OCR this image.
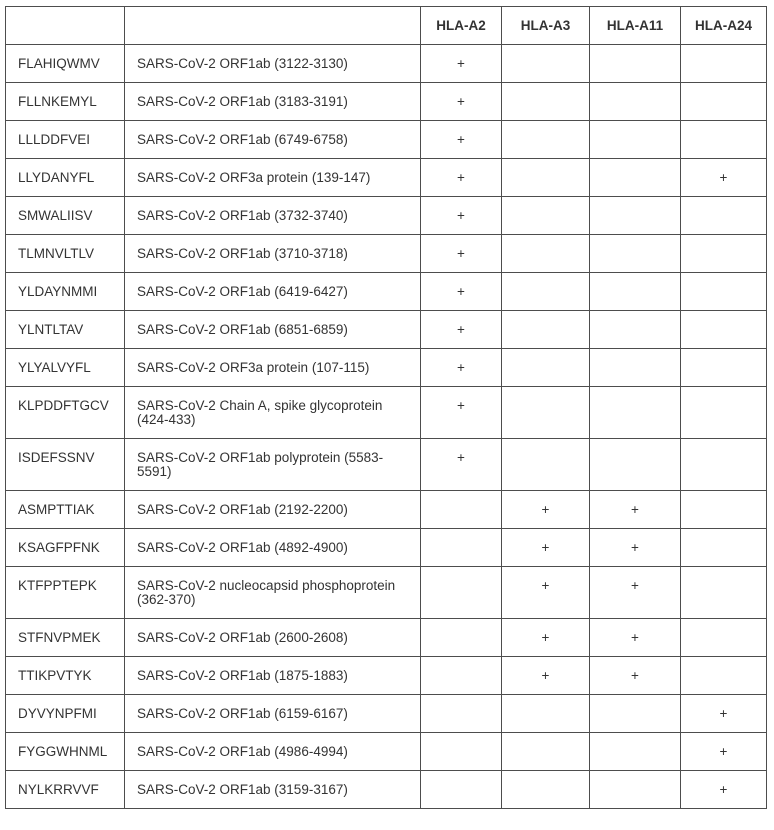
		HLA-A2	HLA-A3	HLA-A11	HLA-A24
FLAHIQWMV	SARS-CoV-2 ORF1ab (3122-3130)	+			
FLLNKEMYL	SARS-CoV-2 ORF1ab (3183-3191)	+			
LLLDDFVEI	SARS-CoV-2 ORF1ab (6749-6758)	+			
LLYDANYFL	SARS-CoV-2 ORF3a protein (139-147)	+			+
SMWALIISV	SARS-CoV-2 ORF1ab (3732-3740)	+			
TLMNVLTLV	SARS-CoV-2 ORF1ab (3710-3718)	+			
YLDAYNMMI	SARS-CoV-2 ORF1ab (6419-6427)	+			
YLNTLTAV	SARS-CoV-2 ORF1ab (6851-6859)	+			
YLYALVYFL	SARS-CoV-2 ORF3a protein (107-115)	+			
KLPDDFTGCV	SARS-CoV-2 Chain A, spike glycoprotein (424-433)	+			
ISDEFSSNV	SARS-CoV-2 ORF1ab polyprotein (5583-5591)	+			
ASMPTTIAK	SARS-CoV-2 ORF1ab (2192-2200)		+	+	
KSAGFPFNK	SARS-CoV-2 ORF1ab (4892-4900)		+	+	
KTFPPTEPK	SARS-CoV-2 nucleocapsid phosphoprotein (362-370)		+	+	
STFNVPMEK	SARS-CoV-2 ORF1ab (2600-2608)		+	+	
TTIKPVTYK	SARS-CoV-2 ORF1ab (1875-1883)		+	+	
DYVYNPFMI	SARS-CoV-2 ORF1ab (6159-6167)				+
FYGGWHNML	SARS-CoV-2 ORF1ab (4986-4994)				+
NYLKRRVVF	SARS-CoV-2 ORF1ab (3159-3167)				+
